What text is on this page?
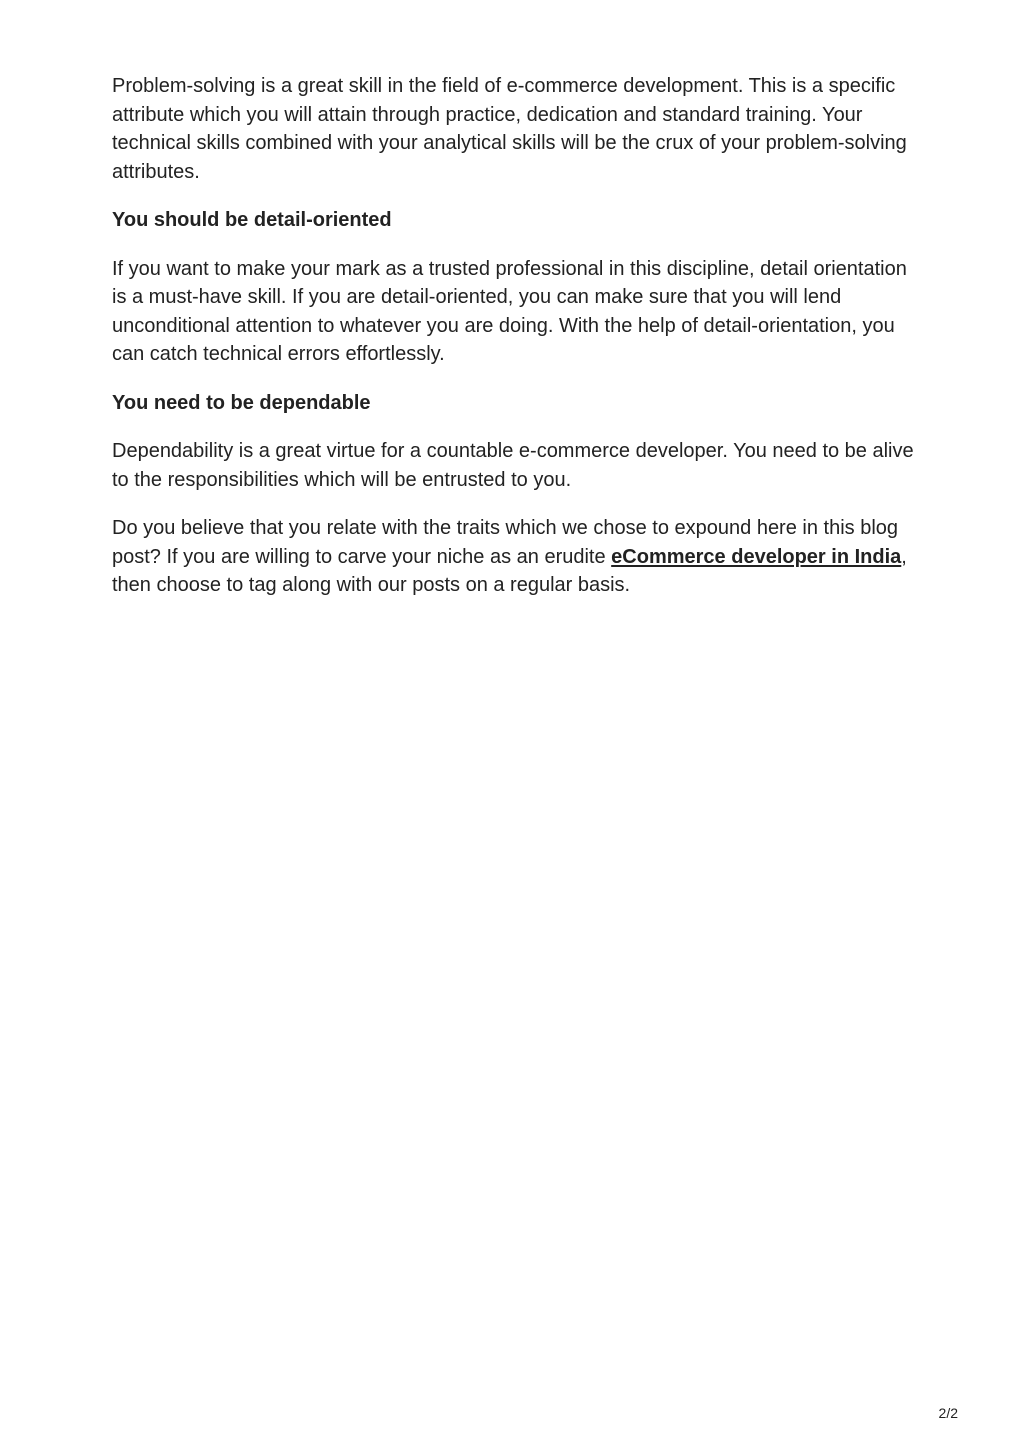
Problem-solving is a great skill in the field of e-commerce development. This is a specific attribute which you will attain through practice, dedication and standard training. Your technical skills combined with your analytical skills will be the crux of your problem-solving attributes.

You should be detail-oriented

If you want to make your mark as a trusted professional in this discipline, detail orientation is a must-have skill. If you are detail-oriented, you can make sure that you will lend unconditional attention to whatever you are doing. With the help of detail-orientation, you can catch technical errors effortlessly.

You need to be dependable

Dependability is a great virtue for a countable e-commerce developer. You need to be alive to the responsibilities which will be entrusted to you.

Do you believe that you relate with the traits which we chose to expound here in this blog post? If you are willing to carve your niche as an erudite eCommerce developer in India, then choose to tag along with our posts on a regular basis.

2/2
